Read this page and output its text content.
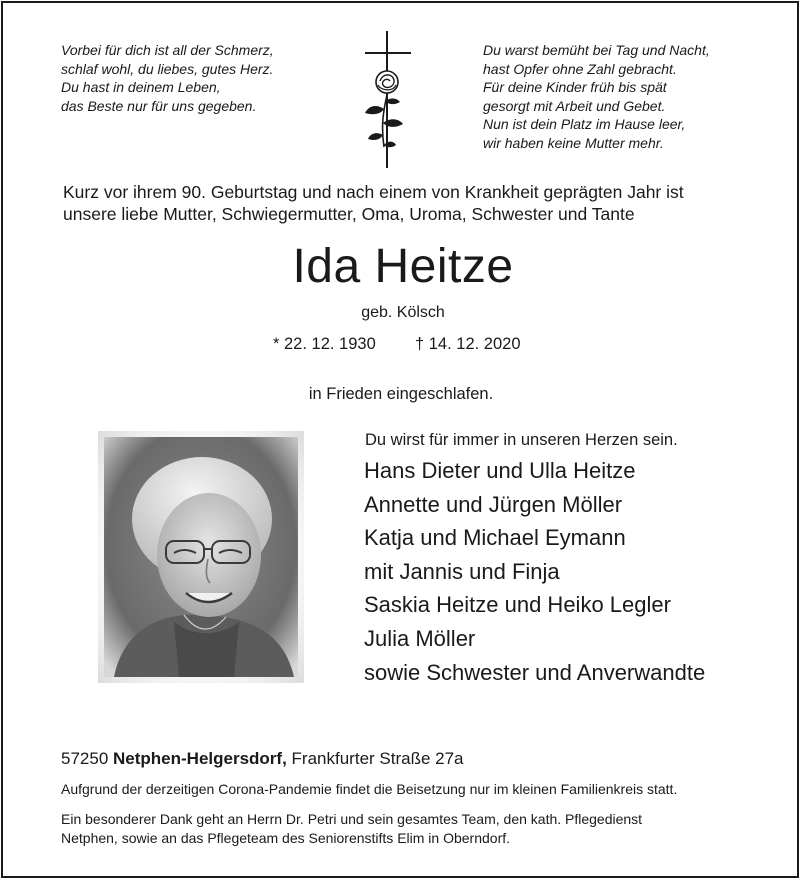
Vorbei für dich ist all der Schmerz,
schlaf wohl, du liebes, gutes Herz.
Du hast in deinem Leben,
das Beste nur für uns gegeben.
Du warst bemüht bei Tag und Nacht,
hast Opfer ohne Zahl gebracht.
Für deine Kinder früh bis spät
gesorgt mit Arbeit und Gebet.
Nun ist dein Platz im Hause leer,
wir haben keine Mutter mehr.
Kurz vor ihrem 90. Geburtstag und nach einem von Krankheit geprägten Jahr ist
unsere liebe Mutter, Schwiegermutter, Oma, Uroma, Schwester und Tante
Ida Heitze
geb. Kölsch
* 22. 12. 1930 † 14. 12. 2020
in Frieden eingeschlafen.
Du wirst für immer in unseren Herzen sein.
Hans Dieter und Ulla Heitze
Annette und Jürgen Möller
Katja und Michael Eymann
mit Jannis und Finja
Saskia Heitze und Heiko Legler
Julia Möller
sowie Schwester und Anverwandte
57250 Netphen-Helgersdorf, Frankfurter Straße 27a
Aufgrund der derzeitigen Corona-Pandemie findet die Beisetzung nur im kleinen Familienkreis statt.
Ein besonderer Dank geht an Herrn Dr. Petri und sein gesamtes Team, den kath. Pflegedienst
Netphen, sowie an das Pflegeteam des Seniorenstifts Elim in Oberndorf.
